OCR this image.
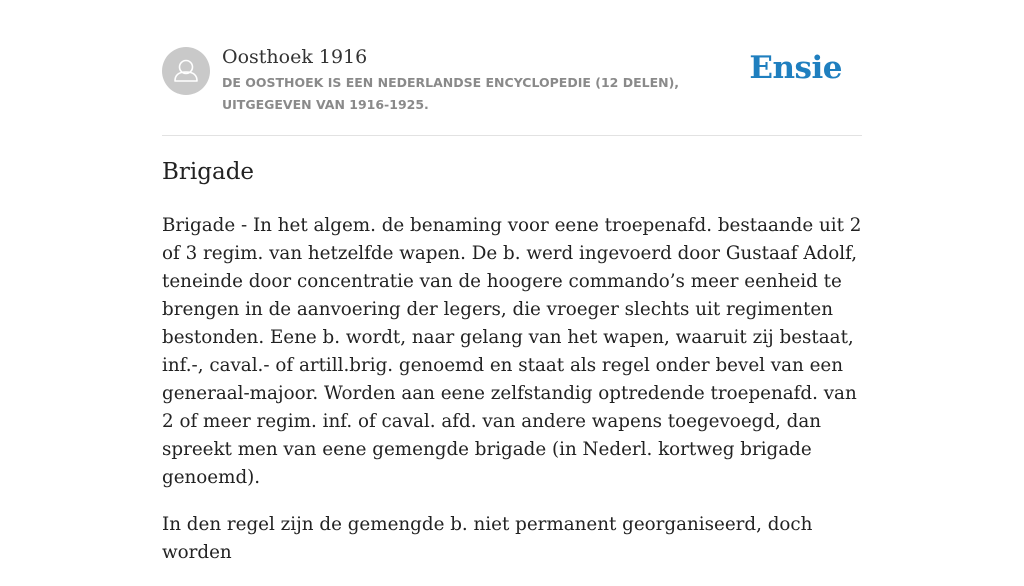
Oosthoek 1916
DE OOSTHOEK IS EEN NEDERLANDSE ENCYCLOPEDIE (12 DELEN), UITGEGEVEN VAN 1916-1925.
Ensie
Brigade

Brigade - In het algem. de benaming voor eene troepenafd. bestaande uit 2 of 3 regim. van hetzelfde wapen. De b. werd ingevoerd door Gustaaf Adolf, teneinde door concentratie van de hoogere commando’s meer eenheid te brengen in de aanvoering der legers, die vroeger slechts uit regimenten bestonden. Eene b. wordt, naar gelang van het wapen, waaruit zij bestaat, inf.-, caval.- of artill.brig. genoemd en staat als regel onder bevel van een generaal-majoor. Worden aan eene zelfstandig optredende troepenafd. van 2 of meer regim. inf. of caval. afd. van andere wapens toegevoegd, dan spreekt men van eene gemengde brigade (in Nederl. kortweg brigade genoemd).

In den regel zijn de gemengde b. niet permanent georganiseerd, doch worden
